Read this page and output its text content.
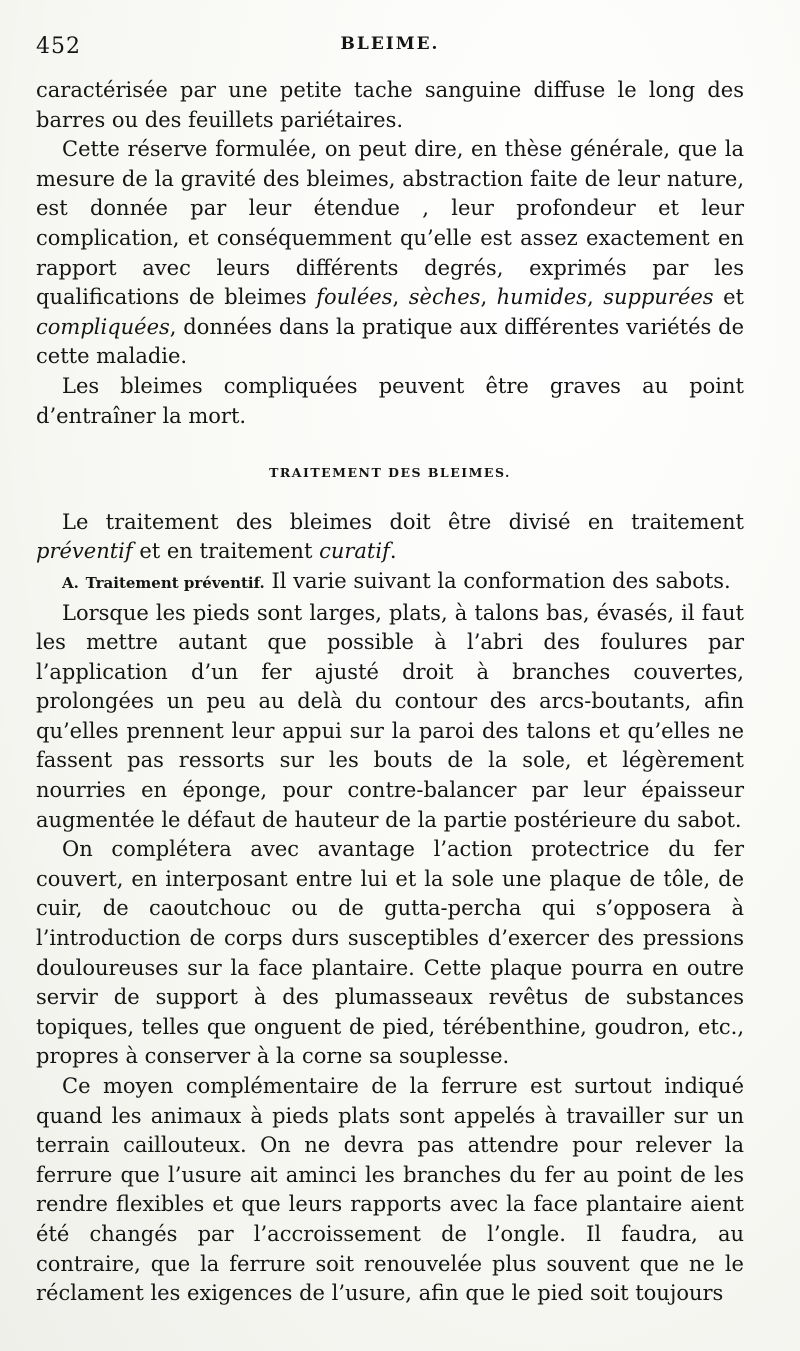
452	BLEIME.

caractérisée par une petite tache sanguine diffuse le long des barres ou des feuillets pariétaires.

Cette réserve formulée, on peut dire, en thèse générale, que la mesure de la gravité des bleimes, abstraction faite de leur nature, est donnée par leur étendue , leur profondeur et leur complication, et conséquemment qu’elle est assez exactement en rapport avec leurs différents degrés, exprimés par les qualifications de bleimes foulées, sèches, humides, suppurées et compliquées, données dans la pratique aux différentes variétés de cette maladie.

Les bleimes compliquées peuvent être graves au point d’entraîner la mort.

TRAITEMENT DES BLEIMES.

Le traitement des bleimes doit être divisé en traitement préventif et en traitement curatif.

A. Traitement préventif. Il varie suivant la conformation des sabots.

Lorsque les pieds sont larges, plats, à talons bas, évasés, il faut les mettre autant que possible à l’abri des foulures par l’application d’un fer ajusté droit à branches couvertes, prolongées un peu au delà du contour des arcs-boutants, afin qu’elles prennent leur appui sur la paroi des talons et qu’elles ne fassent pas ressorts sur les bouts de la sole, et légèrement nourries en éponge, pour contre-balancer par leur épaisseur augmentée le défaut de hauteur de la partie postérieure du sabot.

On complétera avec avantage l’action protectrice du fer couvert, en interposant entre lui et la sole une plaque de tôle, de cuir, de caoutchouc ou de gutta-percha qui s’opposera à l’introduction de corps durs susceptibles d’exercer des pressions douloureuses sur la face plantaire. Cette plaque pourra en outre servir de support à des plumasseaux revêtus de substances topiques, telles que onguent de pied, térébenthine, goudron, etc., propres à conserver à la corne sa souplesse.

Ce moyen complémentaire de la ferrure est surtout indiqué quand les animaux à pieds plats sont appelés à travailler sur un terrain caillouteux. On ne devra pas attendre pour relever la ferrure que l’usure ait aminci les branches du fer au point de les rendre flexibles et que leurs rapports avec la face plantaire aient été changés par l’accroissement de l’ongle. Il faudra, au contraire, que la ferrure soit renouvelée plus souvent que ne le réclament les exigences de l’usure, afin que le pied soit toujours
